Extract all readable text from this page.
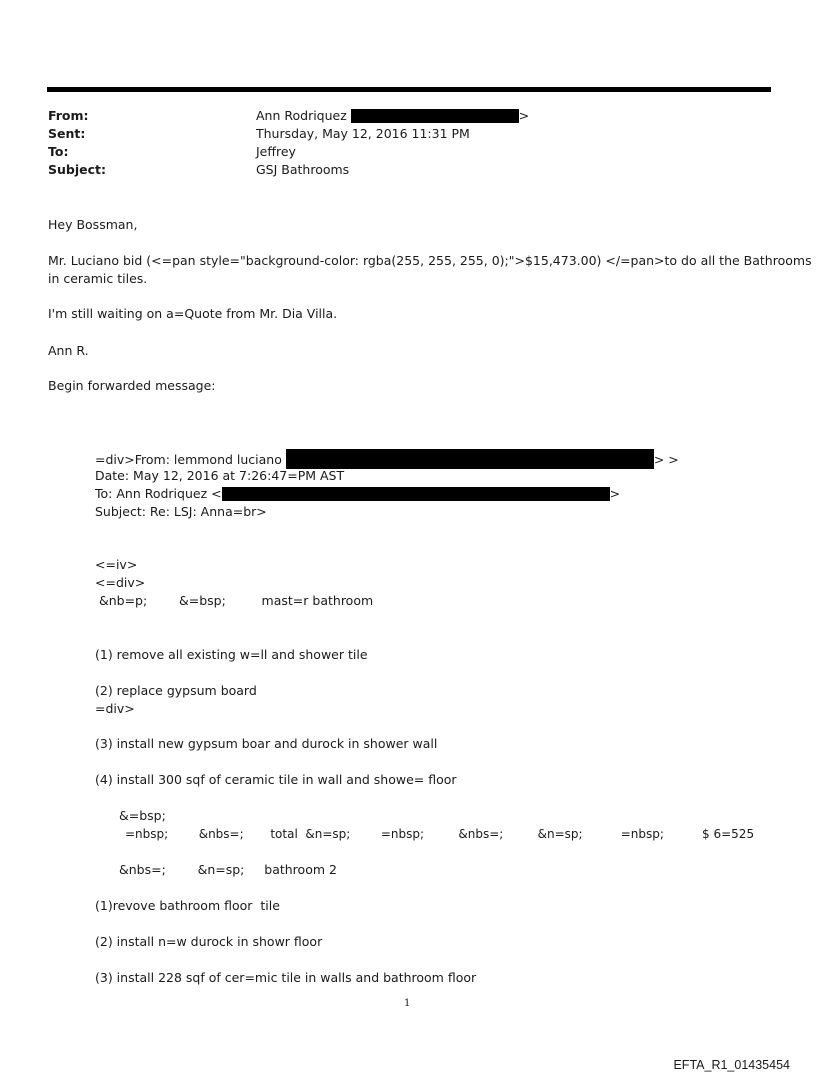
From:	Ann Rodriquez	>
Sent:	Thursday, May 12, 2016 11:31 PM
To:	Jeffrey
Subject:	GSJ Bathrooms
Hey Bossman,
Mr. Luciano bid (<=pan style="background-color: rgba(255, 255, 255, 0);">$15,473.00) </=pan>to do all the Bathrooms
in ceramic tiles.
I'm still waiting on a=Quote from Mr. Dia Villa.
Ann R.
Begin forwarded message:
=div>From: lemmond luciano	> >
Date: May 12, 2016 at 7:26:47=PM AST
To: Ann Rodriquez <	>
Subject: Re: LSJ: Anna=br>
<=iv>
<=div>
&nb=p;        &=bsp;         mast=r bathroom
(1) remove all existing w=ll and shower tile
(2) replace gypsum board
=div>
(3) install new gypsum boar and durock in shower wall
(4) install 300 sqf of ceramic tile in wall and showe= floor
&=bsp;
=nbsp;        &nbs=;       total  &n=sp;        =nbsp;         &nbs=;         &n=sp;          =nbsp;          $ 6=525
&nbs=;        &n=sp;     bathroom 2
(1)revove bathroom floor  tile
(2) install n=w durock in showr floor
(3) install 228 sqf of cer=mic tile in walls and bathroom floor
1
EFTA_R1_01435454
